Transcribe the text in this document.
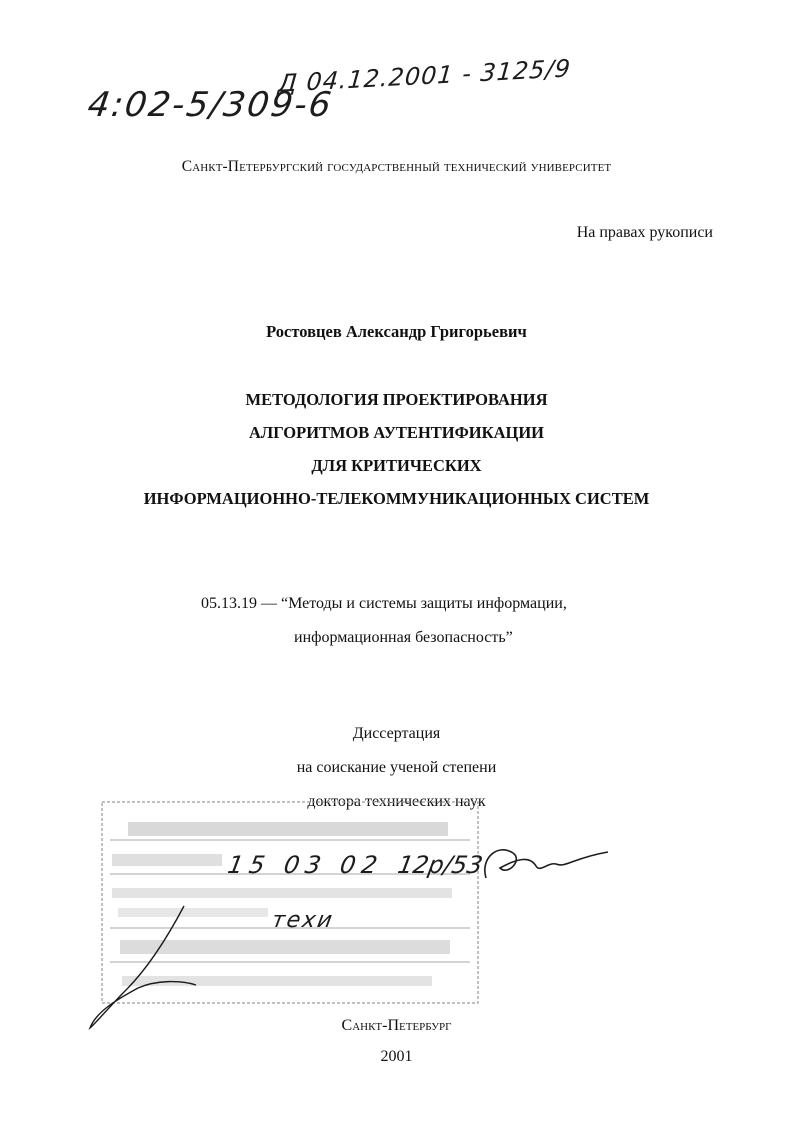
Д 04.12.2001 - 3125/9
4:02-5/309-6
Санкт-Петербургский государственный технический университет
На правах рукописи
Ростовцев Александр Григорьевич
МЕТОДОЛОГИЯ ПРОЕКТИРОВАНИЯ
АЛГОРИТМОВ АУТЕНТИФИКАЦИИ
ДЛЯ КРИТИЧЕСКИХ
ИНФОРМАЦИОННО-ТЕЛЕКОММУНИКАЦИОННЫХ СИСТЕМ
05.13.19 — “Методы и системы защиты информации,
информационная безопасность”
Диссертация
на соискание ученой степени
доктора технических наук
15 03 02 12р/53
техи
Санкт-Петербург
2001
